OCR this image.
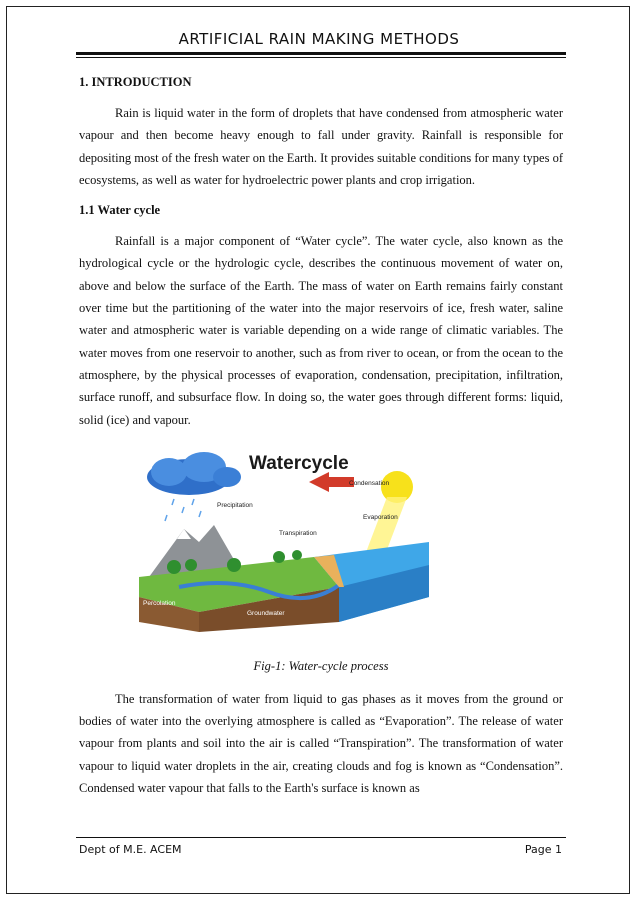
ARTIFICIAL RAIN MAKING METHODS
1. INTRODUCTION

Rain is liquid water in the form of droplets that have condensed from atmospheric water vapour and then become heavy enough to fall under gravity. Rainfall is responsible for depositing most of the fresh water on the Earth. It provides suitable conditions for many types of ecosystems, as well as water for hydroelectric power plants and crop irrigation.

1.1 Water cycle

Rainfall is a major component of “Water cycle”. The water cycle, also known as the hydrological cycle or the hydrologic cycle, describes the continuous movement of water on, above and below the surface of the Earth. The mass of water on Earth remains fairly constant over time but the partitioning of the water into the major reservoirs of ice, fresh water, saline water and atmospheric water is variable depending on a wide range of climatic variables. The water moves from one reservoir to another, such as from river to ocean, or from the ocean to the atmosphere, by the physical processes of evaporation, condensation, precipitation, infiltration, surface runoff, and subsurface flow. In doing so, the water goes through different forms: liquid, solid (ice) and vapour.

Watercycle
Condensation
Precipitation
Evaporation
Transpiration
Percolation
Groundwater
Fig-1: Water-cycle process

The transformation of water from liquid to gas phases as it moves from the ground or bodies of water into the overlying atmosphere is called as “Evaporation”. The release of water vapour from plants and soil into the air is called “Transpiration”. The transformation of water vapour to liquid water droplets in the air, creating clouds and fog is known as “Condensation”. Condensed water vapour that falls to the Earth's surface is known as

Dept of M.E. ACEM	Page 1
